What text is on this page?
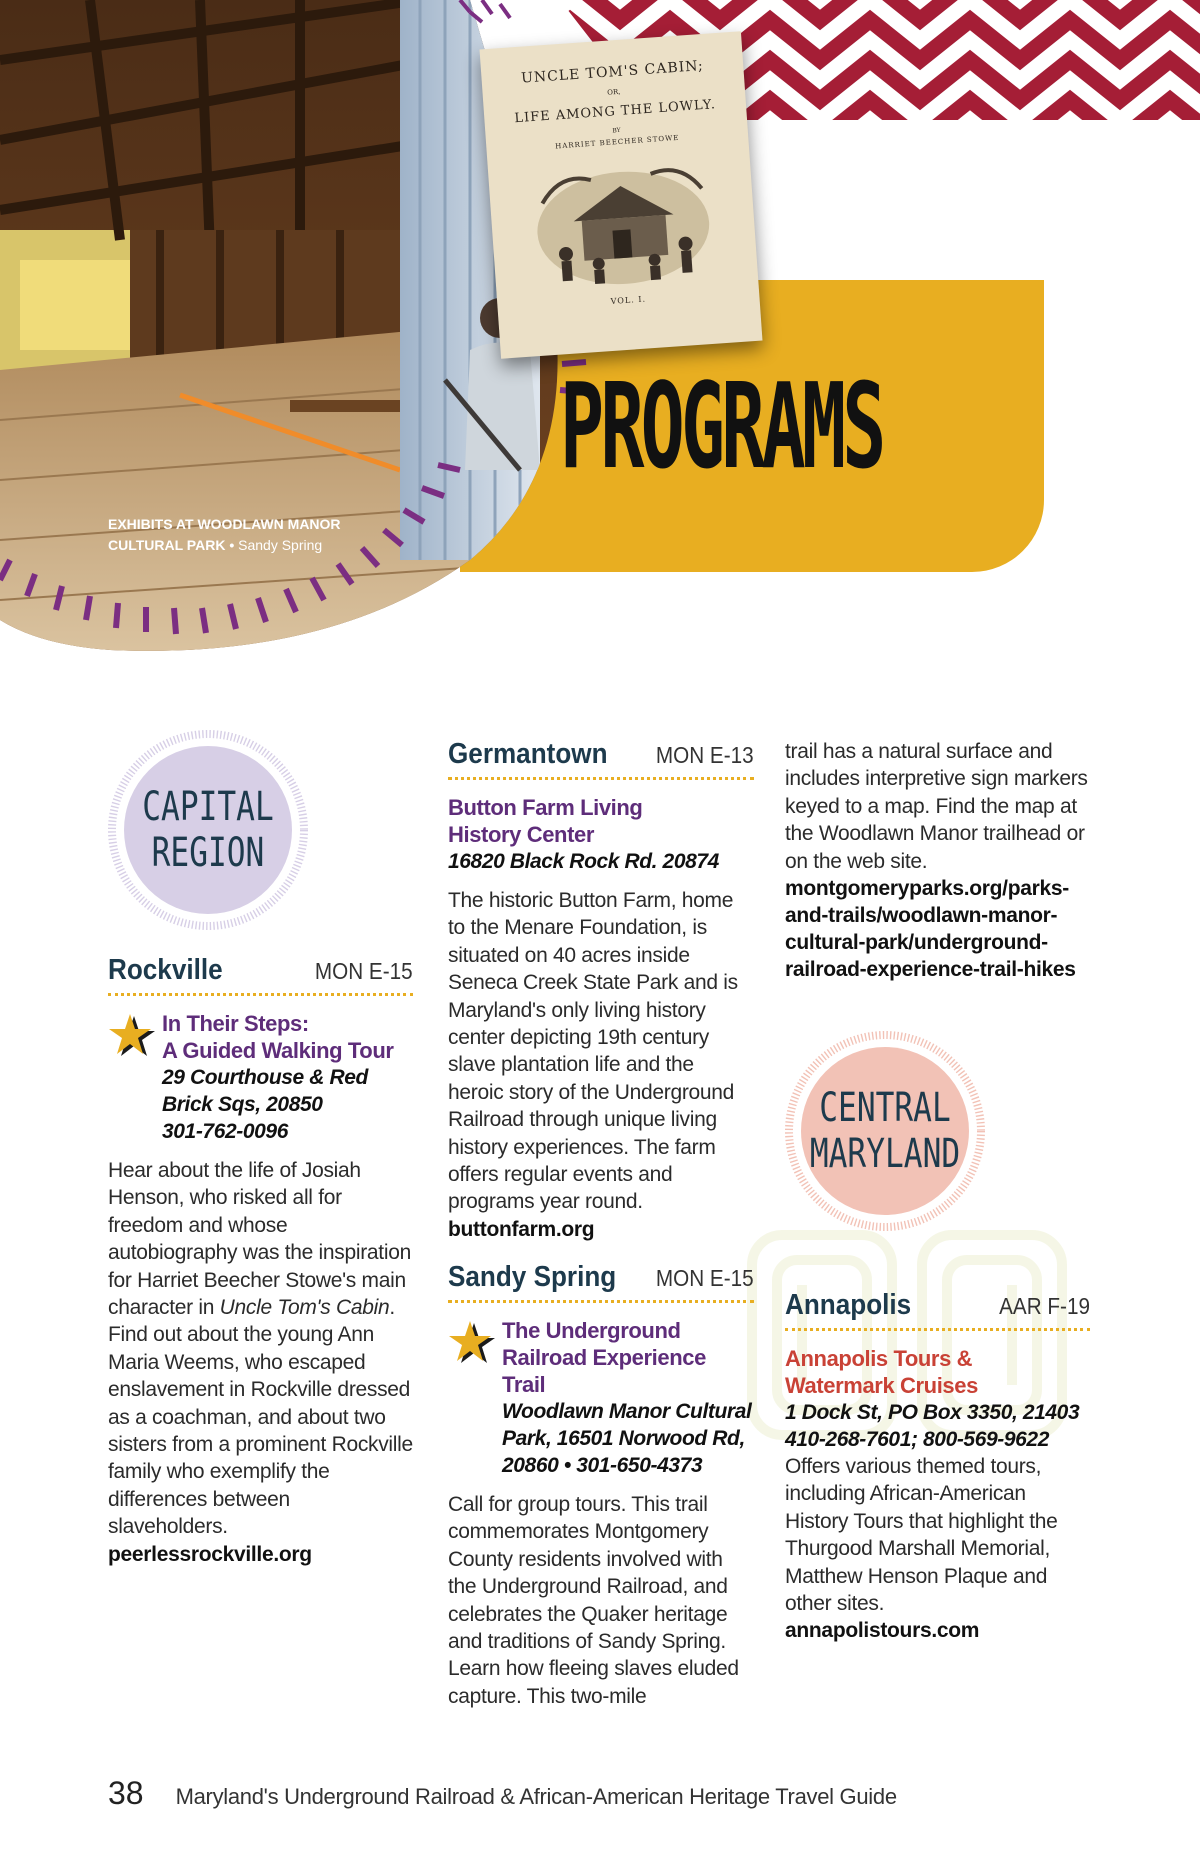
UNCLE TOM'S CABIN;
OR,
LIFE AMONG THE LOWLY.
BY
HARRIET BEECHER STOWE
VOL. I.
PROGRAMS
EXHIBITS AT WOODLAWN MANOR CULTURAL PARK • Sandy Spring
CAPITAL
REGION
Rockville	MON E-15
In Their Steps:
A Guided Walking Tour
29 Courthouse & Red
Brick Sqs, 20850
301-762-0096

Hear about the life of Josiah Henson, who risked all for freedom and whose autobiography was the inspiration for Harriet Beecher Stowe's main character in Uncle Tom's Cabin. Find out about the young Ann Maria Weems, who escaped enslavement in Rockville dressed as a coachman, and about two sisters from a prominent Rockville family who exemplify the differences between slaveholders.

peerlessrockville.org
Germantown MON E-13
Button Farm Living
History Center
16820 Black Rock Rd. 20874

The historic Button Farm, home to the Menare Foundation, is situated on 40 acres inside Seneca Creek State Park and is Maryland's only living history center depicting 19th century slave plantation life and the heroic story of the Underground Railroad through unique living history experiences. The farm offers regular events and programs year round.

buttonfarm.org
Sandy Spring MON E-15
The Underground
Railroad Experience Trail
Woodlawn Manor Cultural
Park, 16501 Norwood Rd,
20860 • 301-650-4373

Call for group tours. This trail commemorates Montgomery County residents involved with the Underground Railroad, and celebrates the Quaker heritage and traditions of Sandy Spring. Learn how fleeing slaves eluded capture. This two-mile

trail has a natural surface and includes interpretive sign markers keyed to a map. Find the map at the Woodlawn Manor trailhead or on the web site.

montgomeryparks.org/parks-and-trails/woodlawn-manor-cultural-park/underground-railroad-experience-trail-hikes
CENTRAL
MARYLAND
Annapolis	AAR F-19
Annapolis Tours &
Watermark Cruises
1 Dock St, PO Box 3350, 21403
410-268-7601; 800-569-9622

Offers various themed tours, including African-American History Tours that highlight the Thurgood Marshall Memorial, Matthew Henson Plaque and other sites.

annapolistours.com
38 Maryland's Underground Railroad & African-American Heritage Travel Guide
